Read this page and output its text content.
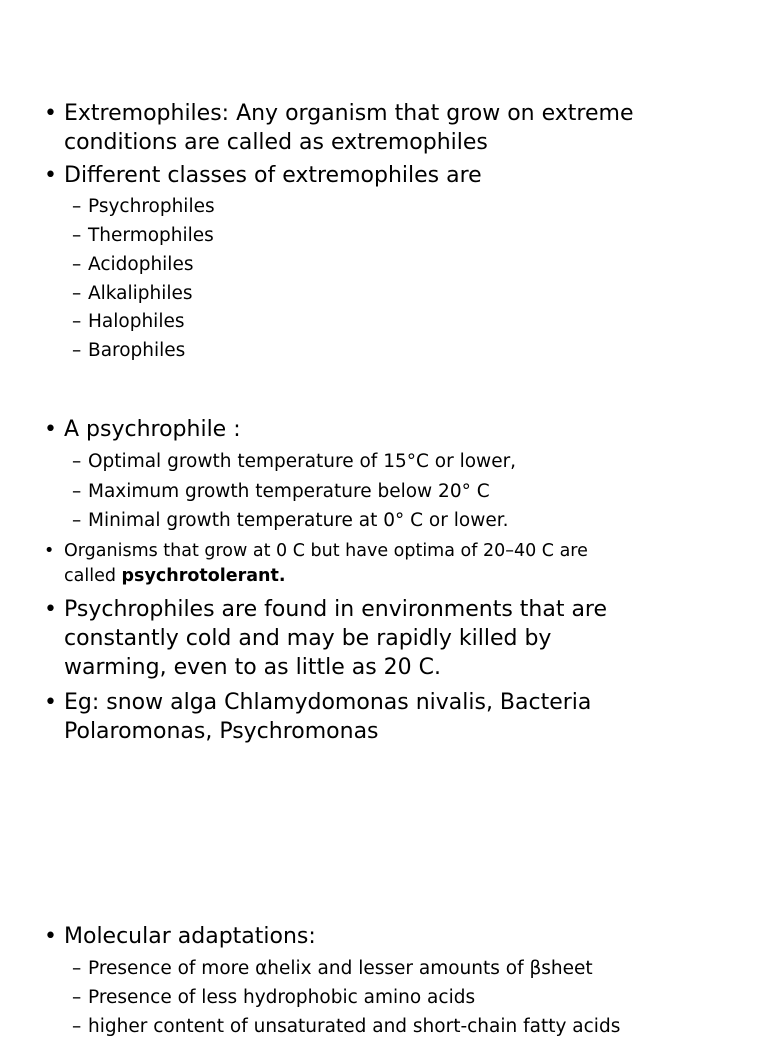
• Extremophiles: Any organism that grow on extreme
conditions are called as extremophiles
• Different classes of extremophiles are
– Psychrophiles
– Thermophiles
– Acidophiles
– Alkaliphiles
– Halophiles
– Barophiles
• A psychrophile :
– Optimal growth temperature of 15°C or lower,
– Maximum growth temperature below 20° C
– Minimal growth temperature at 0° C or lower.
• Organisms that grow at 0 C but have optima of 20–40 C are
called psychrotolerant.
• Psychrophiles are found in environments that are
constantly cold and may be rapidly killed by
warming, even to as little as 20 C.
• Eg: snow alga Chlamydomonas nivalis, Bacteria
Polaromonas, Psychromonas
• Molecular adaptations:
– Presence of more αhelix and lesser amounts of βsheet
– Presence of less hydrophobic amino acids
– higher content of unsaturated and short-chain fatty acids
